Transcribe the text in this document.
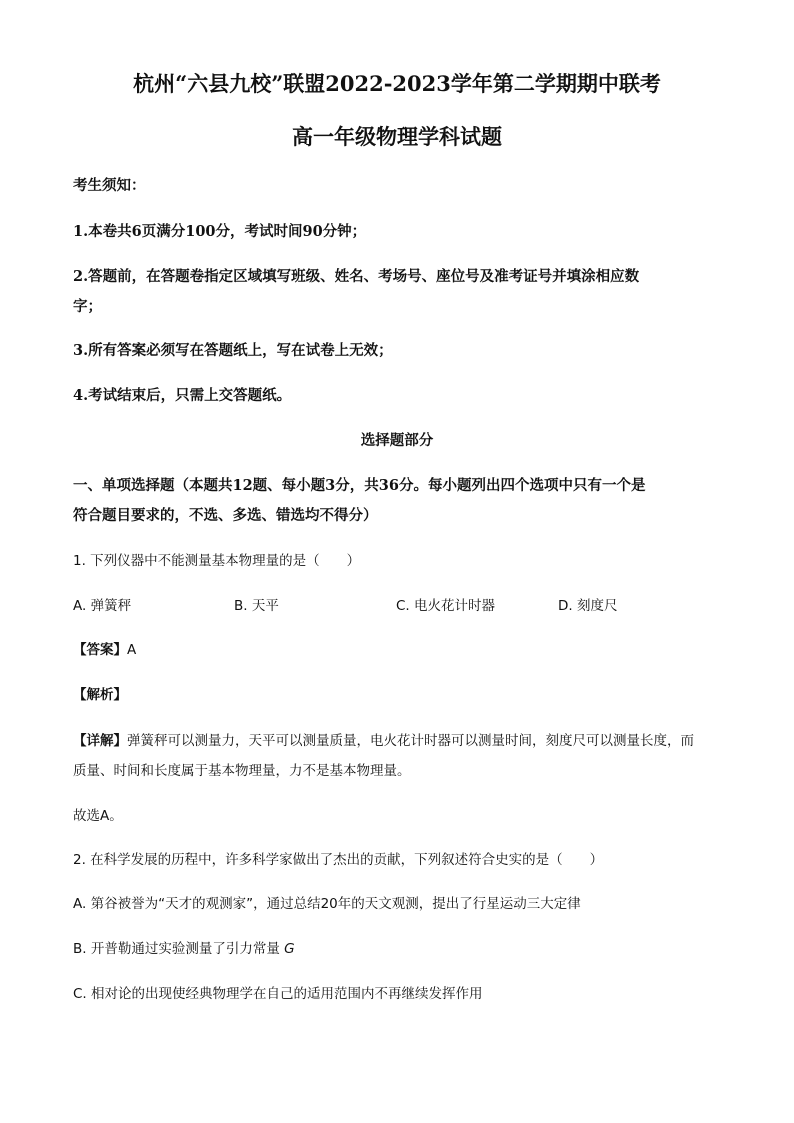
杭州“六县九校”联盟2022-2023学年第二学期期中联考
高一年级物理学科试题
考生须知：
1.本卷共6页满分100分，考试时间90分钟；
2.答题前，在答题卷指定区域填写班级、姓名、考场号、座位号及准考证号并填涂相应数
字；
3.所有答案必须写在答题纸上，写在试卷上无效；
4.考试结束后，只需上交答题纸。
选择题部分
一、单项选择题（本题共12题、每小题3分，共36分。每小题列出四个选项中只有一个是
符合题目要求的，不选、多选、错选均不得分）
1. 下列仪器中不能测量基本物理量的是（　　）
A. 弹簧秤	B. 天平	C. 电火花计时器	D. 刻度尺
【答案】A
【解析】
【详解】弹簧秤可以测量力，天平可以测量质量，电火花计时器可以测量时间，刻度尺可以测量长度，而
质量、时间和长度属于基本物理量，力不是基本物理量。
故选A。
2. 在科学发展的历程中，许多科学家做出了杰出的贡献，下列叙述符合史实的是（　　）
A. 第谷被誉为“天才的观测家”，通过总结20年的天文观测，提出了行星运动三大定律
B. 开普勒通过实验测量了引力常量 G
C. 相对论的出现使经典物理学在自己的适用范围内不再继续发挥作用
